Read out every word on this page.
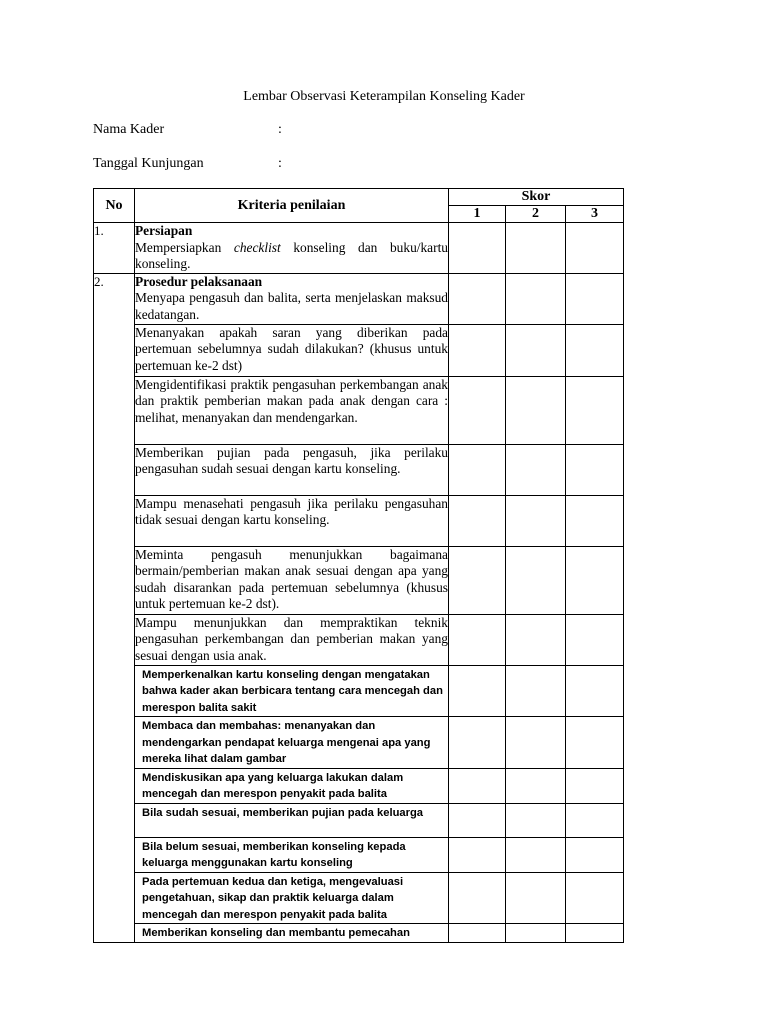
Lembar Observasi Keterampilan Konseling Kader
Nama Kader	:
Tanggal Kunjungan	:
No	Kriteria penilaian	Skor		
		1	2	3
1.	Persiapan
Mempersiapkan checklist konseling dan buku/kartu konseling.			
2.	Prosedur pelaksanaan
Menyapa pengasuh dan balita, serta menjelaskan maksud kedatangan.			
	Menanyakan apakah saran yang diberikan pada pertemuan sebelumnya sudah dilakukan? (khusus untuk pertemuan ke-2 dst)			
	Mengidentifikasi praktik pengasuhan perkembangan anak dan praktik pemberian makan pada anak dengan cara : melihat, menanyakan dan mendengarkan.			
	Memberikan pujian pada pengasuh, jika perilaku pengasuhan sudah sesuai dengan kartu konseling.			
	Mampu menasehati pengasuh jika perilaku pengasuhan tidak sesuai dengan kartu konseling.			
	Meminta pengasuh menunjukkan bagaimana bermain/pemberian makan anak sesuai dengan apa yang sudah disarankan pada pertemuan sebelumnya (khusus untuk pertemuan ke-2 dst).			
	Mampu menunjukkan dan mempraktikan teknik pengasuhan perkembangan dan pemberian makan yang sesuai dengan usia anak.			
	Memperkenalkan kartu konseling dengan mengatakan bahwa kader akan berbicara tentang cara mencegah dan merespon balita sakit			
	Membaca dan membahas: menanyakan dan mendengarkan pendapat keluarga mengenai apa yang mereka lihat dalam gambar			
	Mendiskusikan apa yang keluarga lakukan dalam mencegah dan merespon penyakit pada balita			
	Bila sudah sesuai, memberikan pujian pada keluarga			
	Bila belum sesuai, memberikan konseling kepada keluarga menggunakan kartu konseling			
	Pada pertemuan kedua dan ketiga, mengevaluasi pengetahuan, sikap dan praktik keluarga dalam mencegah dan merespon penyakit pada balita			
	Memberikan konseling dan membantu pemecahan			
